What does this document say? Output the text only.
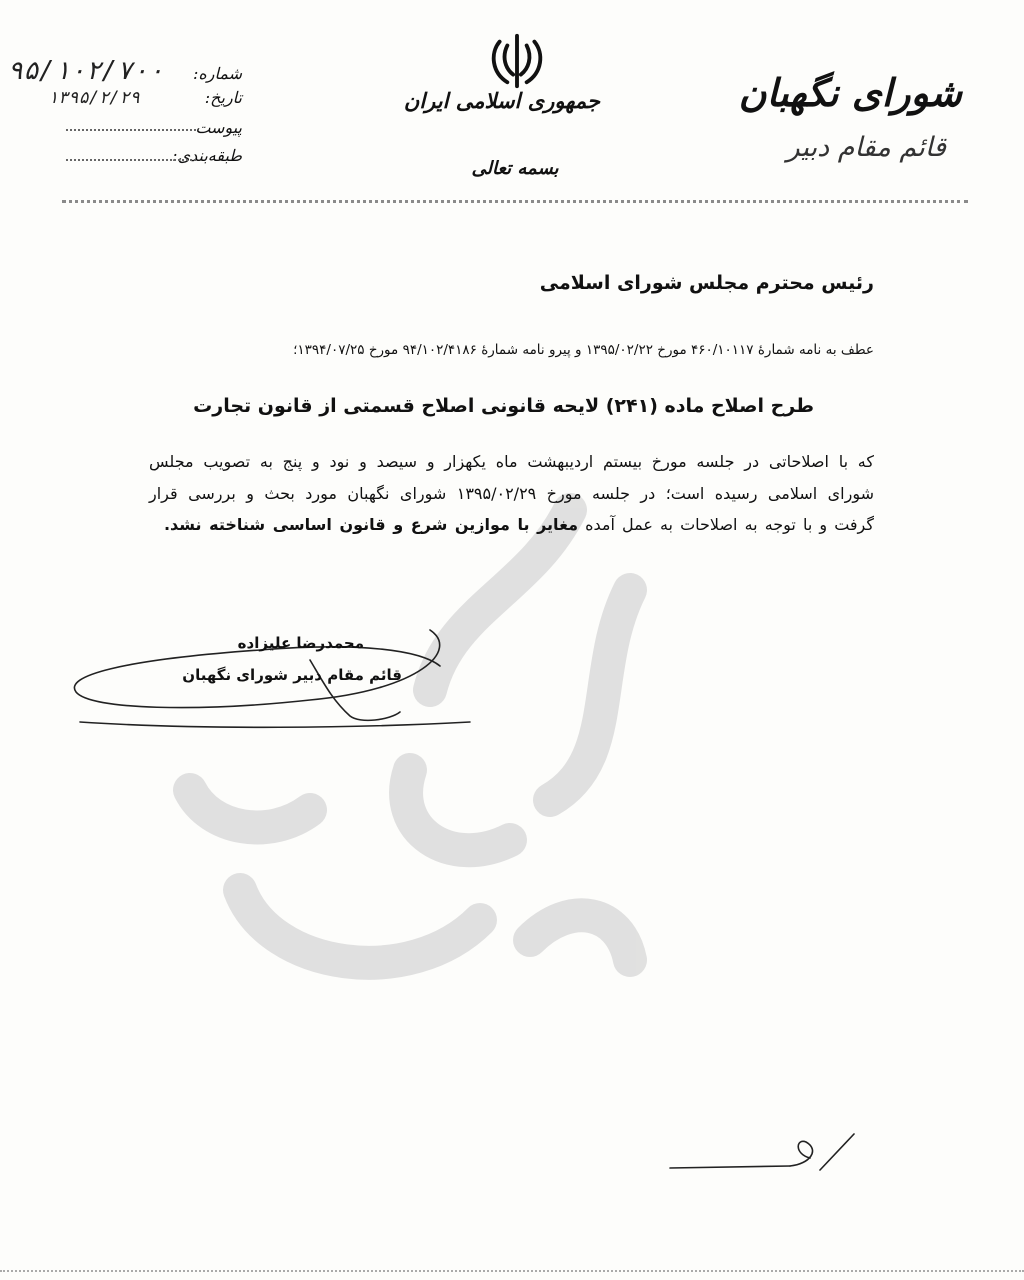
شورای نگهبان
قائم مقام دبیر
جمهوری اسلامی ایران
بسمه تعالی
شماره:
۹۵/۱۰۲/۷۰۰
تاریخ:
۱۳۹۵/۲/۲۹
پیوست
طبقه‌بندی:
رئیس محترم مجلس شورای اسلامی
عطف به نامه شمارهٔ ۴۶۰/۱۰۱۱۷ مورخ ۱۳۹۵/۰۲/۲۲ و پیرو نامه شمارهٔ ۹۴/۱۰۲/۴۱۸۶ مورخ ۱۳۹۴/۰۷/۲۵؛
طرح اصلاح ماده (۲۴۱) لایحه قانونی اصلاح قسمتی از قانون تجارت
که با اصلاحاتی در جلسه مورخ بیستم اردیبهشت ماه یکهزار و سیصد و نود و پنج به تصویب مجلس شورای اسلامی رسیده است؛ در جلسه مورخ ۱۳۹۵/۰۲/۲۹ شورای نگهبان مورد بحث و بررسی قرار گرفت و با توجه به اصلاحات به عمل آمده مغایر با موازین شرع و قانون اساسی شناخته نشد.
محمدرضا علیزاده
قائم مقام دبیر شورای نگهبان
